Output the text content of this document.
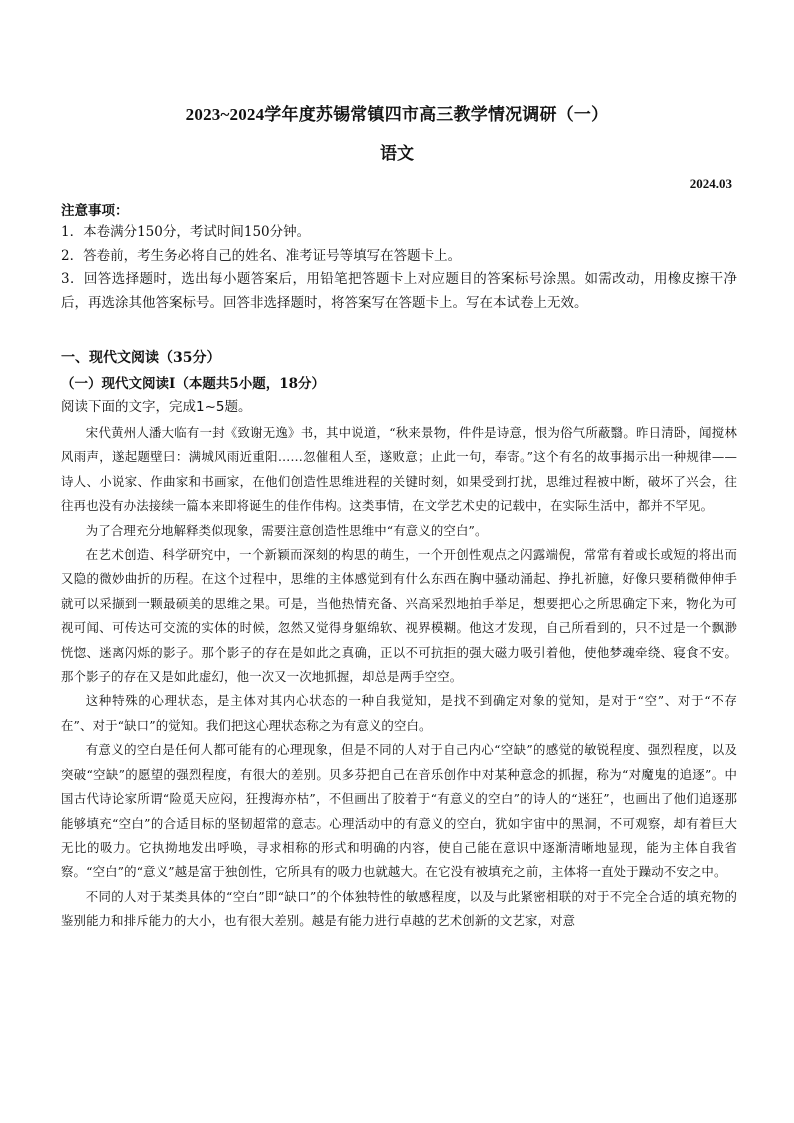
2023~2024学年度苏锡常镇四市高三教学情况调研（一）
语文
2024.03
注意事项：

1．本卷满分150分，考试时间150分钟。

2．答卷前，考生务必将自己的姓名、准考证号等填写在答题卡上。

3．回答选择题时，选出每小题答案后，用铅笔把答题卡上对应题目的答案标号涂黑。如需改动，用橡皮擦干净后，再选涂其他答案标号。回答非选择题时，将答案写在答题卡上。写在本试卷上无效。

一、现代文阅读（35分）
（一）现代文阅读Ⅰ（本题共5小题，18分）
阅读下面的文字，完成1~5题。

宋代黄州人潘大临有一封《致谢无逸》书，其中说道，“秋来景物，件件是诗意，恨为俗气所蔽翳。昨日清卧，闻搅林风雨声，遂起题壁曰：满城风雨近重阳……忽催租人至，遂败意；止此一句，奉寄。”这个有名的故事揭示出一种规律——诗人、小说家、作曲家和书画家，在他们创造性思维进程的关键时刻，如果受到打扰，思维过程被中断，破坏了兴会，往往再也没有办法接续一篇本来即将诞生的佳作伟构。这类事情，在文学艺术史的记载中，在实际生活中，都并不罕见。

为了合理充分地解释类似现象，需要注意创造性思维中“有意义的空白”。

在艺术创造、科学研究中，一个新颖而深刻的构思的萌生，一个开创性观点之闪露端倪，常常有着或长或短的将出而又隐的微妙曲折的历程。在这个过程中，思维的主体感觉到有什么东西在胸中骚动涌起、挣扎祈臆，好像只要稍微伸伸手就可以采撷到一颗最硕美的思维之果。可是，当他热情充备、兴高采烈地拍手举足，想要把心之所思确定下来，物化为可视可闻、可传达可交流的实体的时候，忽然又觉得身躯绵软、视界模糊。他这才发现，自己所看到的，只不过是一个飘渺恍惚、迷离闪烁的影子。那个影子的存在是如此之真确，正以不可抗拒的强大磁力吸引着他，使他梦魂牵绕、寝食不安。那个影子的存在又是如此虚幻，他一次又一次地抓握，却总是两手空空。

这种特殊的心理状态，是主体对其内心状态的一种自我觉知，是找不到确定对象的觉知，是对于“空”、对于“不存在”、对于“缺口”的觉知。我们把这心理状态称之为有意义的空白。

有意义的空白是任何人都可能有的心理现象，但是不同的人对于自己内心“空缺”的感觉的敏锐程度、强烈程度，以及突破“空缺”的愿望的强烈程度，有很大的差别。贝多芬把自己在音乐创作中对某种意念的抓握，称为“对魔鬼的追逐”。中国古代诗论家所谓“险觅天应闷，狂搜海亦枯”，不但画出了胶着于“有意义的空白”的诗人的“迷狂”，也画出了他们追逐那能够填充“空白”的合适目标的坚韧超常的意志。心理活动中的有意义的空白，犹如宇宙中的黑洞，不可观察，却有着巨大无比的吸力。它执拗地发出呼唤，寻求相称的形式和明确的内容，使自己能在意识中逐渐清晰地显现，能为主体自我省察。“空白”的“意义”越是富于独创性，它所具有的吸力也就越大。在它没有被填充之前，主体将一直处于躁动不安之中。

不同的人对于某类具体的“空白”即“缺口”的个体独特性的敏感程度，以及与此紧密相联的对于不完全合适的填充物的鉴别能力和排斥能力的大小，也有很大差别。越是有能力进行卓越的艺术创新的文艺家，对意
